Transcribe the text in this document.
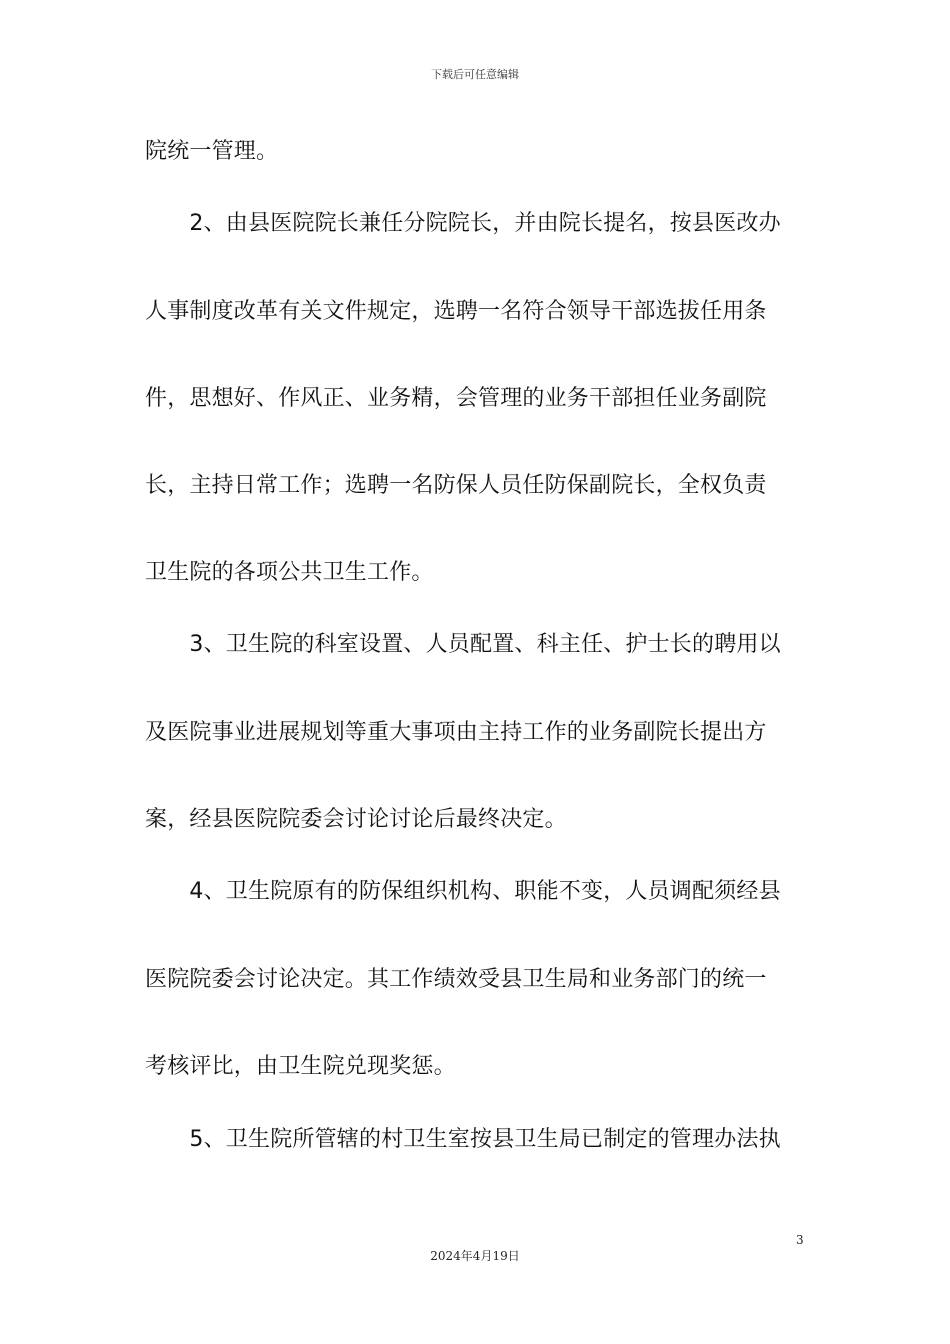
下载后可任意编辑
院统一管理。
　　2、由县医院院长兼任分院院长，并由院长提名，按县医改办
人事制度改革有关文件规定，选聘一名符合领导干部选拔任用条
件，思想好、作风正、业务精，会管理的业务干部担任业务副院
长，主持日常工作；选聘一名防保人员任防保副院长，全权负责
卫生院的各项公共卫生工作。
　　3、卫生院的科室设置、人员配置、科主任、护士长的聘用以
及医院事业进展规划等重大事项由主持工作的业务副院长提出方
案，经县医院院委会讨论讨论后最终决定。
　　4、卫生院原有的防保组织机构、职能不变，人员调配须经县
医院院委会讨论决定。其工作绩效受县卫生局和业务部门的统一
考核评比，由卫生院兑现奖惩。
　　5、卫生院所管辖的村卫生室按县卫生局已制定的管理办法执
3
2024年4月19日
